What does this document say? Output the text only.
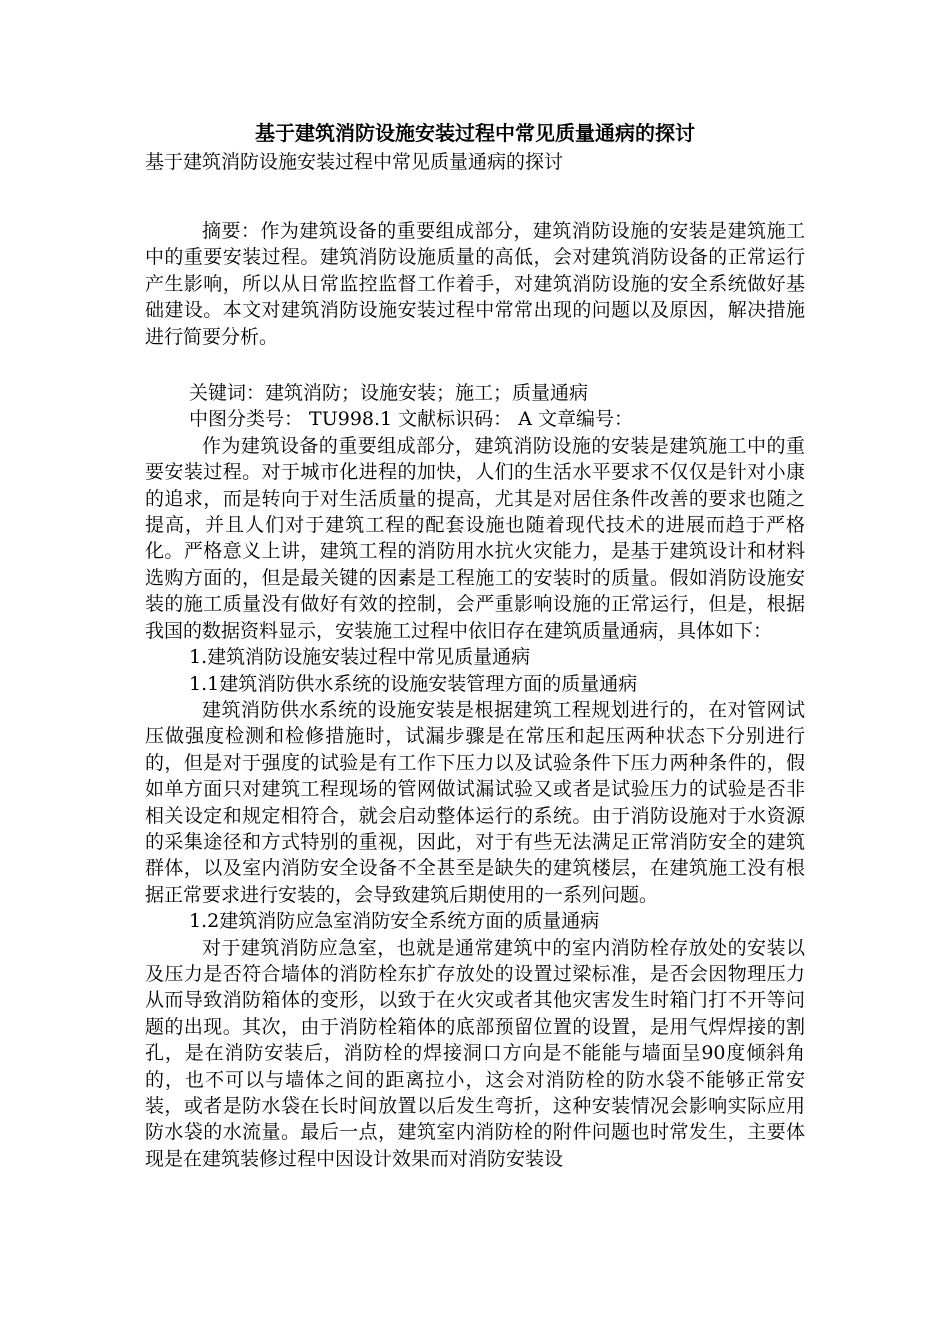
基于建筑消防设施安装过程中常见质量通病的探讨

基于建筑消防设施安装过程中常见质量通病的探讨

摘要：作为建筑设备的重要组成部分，建筑消防设施的安装是建筑施工中的重要安装过程。建筑消防设施质量的高低，会对建筑消防设备的正常运行产生影响，所以从日常监控监督工作着手，对建筑消防设施的安全系统做好基础建设。本文对建筑消防设施安装过程中常常出现的问题以及原因，解决措施进行简要分析。

关键词：建筑消防；设施安装；施工；质量通病

中图分类号： TU998.1 文献标识码： A 文章编号：

作为建筑设备的重要组成部分，建筑消防设施的安装是建筑施工中的重要安装过程。对于城市化进程的加快，人们的生活水平要求不仅仅是针对小康的追求，而是转向于对生活质量的提高，尤其是对居住条件改善的要求也随之提高，并且人们对于建筑工程的配套设施也随着现代技术的进展而趋于严格化。严格意义上讲，建筑工程的消防用水抗火灾能力，是基于建筑设计和材料选购方面的，但是最关键的因素是工程施工的安装时的质量。假如消防设施安装的施工质量没有做好有效的控制，会严重影响设施的正常运行，但是，根据我国的数据资料显示，安装施工过程中依旧存在建筑质量通病，具体如下：

1.建筑消防设施安装过程中常见质量通病

1.1建筑消防供水系统的设施安装管理方面的质量通病

建筑消防供水系统的设施安装是根据建筑工程规划进行的，在对管网试压做强度检测和检修措施时，试漏步骤是在常压和起压两种状态下分别进行的，但是对于强度的试验是有工作下压力以及试验条件下压力两种条件的，假如单方面只对建筑工程现场的管网做试漏试验又或者是试验压力的试验是否非相关设定和规定相符合，就会启动整体运行的系统。由于消防设施对于水资源的采集途径和方式特别的重视，因此，对于有些无法满足正常消防安全的建筑群体，以及室内消防安全设备不全甚至是缺失的建筑楼层，在建筑施工没有根据正常要求进行安装的，会导致建筑后期使用的一系列问题。

1.2建筑消防应急室消防安全系统方面的质量通病

对于建筑消防应急室，也就是通常建筑中的室内消防栓存放处的安装以及压力是否符合墙体的消防栓东扩存放处的设置过梁标准，是否会因物理压力从而导致消防箱体的变形，以致于在火灾或者其他灾害发生时箱门打不开等问题的出现。其次，由于消防栓箱体的底部预留位置的设置，是用气焊焊接的割孔，是在消防安装后，消防栓的焊接洞口方向是不能能与墙面呈90度倾斜角的，也不可以与墙体之间的距离拉小，这会对消防栓的防水袋不能够正常安装，或者是防水袋在长时间放置以后发生弯折，这种安装情况会影响实际应用防水袋的水流量。最后一点，建筑室内消防栓的附件问题也时常发生，主要体现是在建筑装修过程中因设计效果而对消防安装设
